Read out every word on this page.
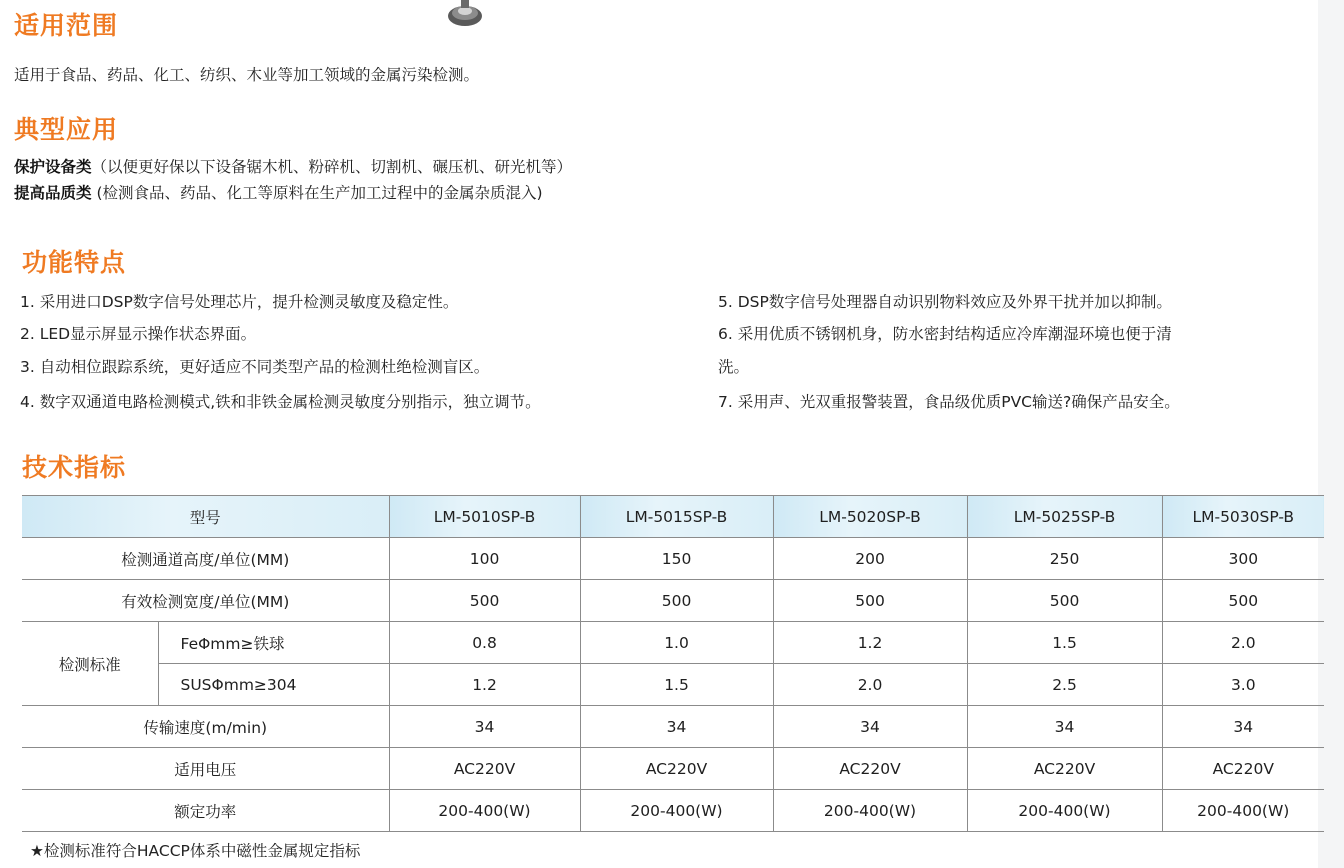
适用范围
适用于食品、药品、化工、纺织、木业等加工领域的金属污染检测。
典型应用
保护设备类（以便更好保以下设备锯木机、粉碎机、切割机、碾压机、研光机等）
提高品质类 (检测食品、药品、化工等原料在生产加工过程中的金属杂质混入)
功能特点
1. 采用进口DSP数字信号处理芯片，提升检测灵敏度及稳定性。
2. LED显示屏显示操作状态界面。
3. 自动相位跟踪系统，更好适应不同类型产品的检测杜绝检测盲区。
4. 数字双通道电路检测模式,铁和非铁金属检测灵敏度分别指示，独立调节。
5. DSP数字信号处理器自动识别物料效应及外界干扰并加以抑制。
6. 采用优质不锈钢机身，防水密封结构适应冷库潮湿环境也便于清
洗。
7. 采用声、光双重报警装置，食品级优质PVC输送?确保产品安全。
技术指标
型号		LM-5010SP-B	LM-5015SP-B	LM-5020SP-B	LM-5025SP-B	LM-5030SP-B
检测通道高度/单位(MM)		100	150	200	250	300
有效检测宽度/单位(MM)		500	500	500	500	500
检测标准	FeΦmm≥铁球	0.8	1.0	1.2	1.5	2.0
	SUSΦmm≥304	1.2	1.5	2.0	2.5	3.0
传输速度(m/min)		34	34	34	34	34
适用电压		AC220V	AC220V	AC220V	AC220V	AC220V
额定功率		200-400(W)	200-400(W)	200-400(W)	200-400(W)	200-400(W)
★检测标准符合HACCP体系中磁性金属规定指标
